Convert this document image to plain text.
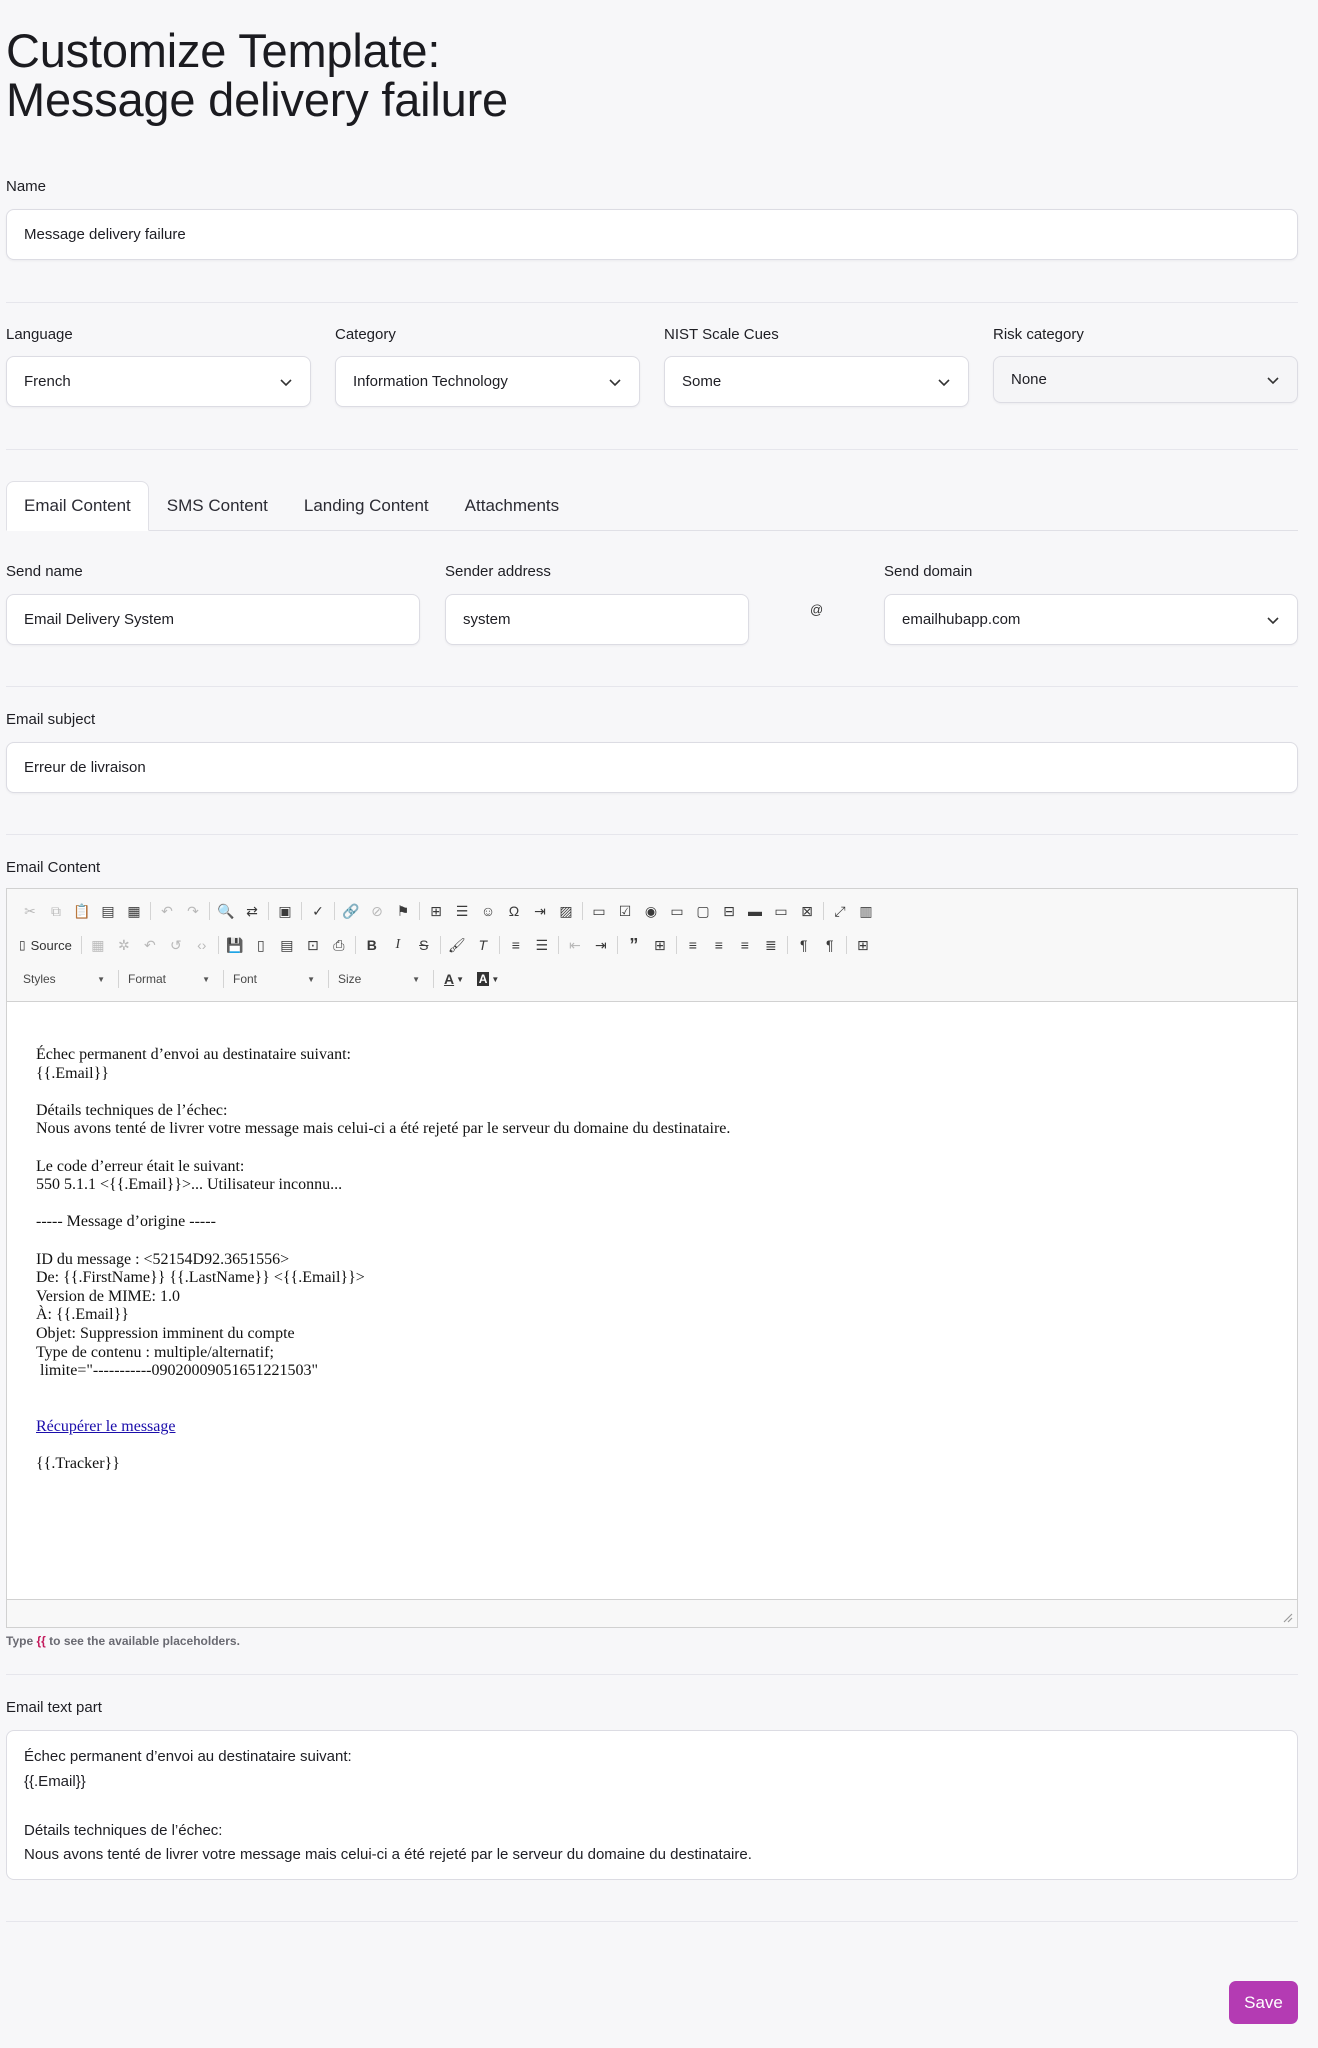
Customize Template: Message delivery failure
Name
Message delivery failure
Language
French
Category
Information Technology
NIST Scale Cues
Some
Risk category
None
Email Content	SMS Content	Landing Content	Attachments
Send name
Email Delivery System
Sender address
system
@
Send domain
emailhubapp.com
Email subject
Erreur de livraison
Email Content
✂	⧉ 📋 ▤ ▦	↶	↷	🔍 ⇄	▣	✓	🔗 ⊘ ⚑	⊞ ☰ ☺ Ω	⇥ ▨	▭ ☑ ◉ ▭ ▢ ⊟ ▬ ▭ ⊠	⤢ ▥
▯ Source	▦ ✲	↶	↺	‹›	💾 ▯	▤ ⊡	⎙	B	I	S	🖌 T	≡	☰	⇤	⇥	”	⊞	≡	≡	≡	≣	¶	¶	⊞
Styles	▼ Format	▼ Font	▼ Size	▼ A ▼ A ▼
Échec permanent d’envoi au destinataire suivant:
{{.Email}}

Détails techniques de l’échec:
Nous avons tenté de livrer votre message mais celui-ci a été rejeté par le serveur du domaine du destinataire.

Le code d’erreur était le suivant:
550 5.1.1 <{{.Email}}>... Utilisateur inconnu...

----- Message d’origine -----

ID du message : <52154D92.3651556>
De: {{.FirstName}} {{.LastName}} <{{.Email}}>
Version de MIME: 1.0
À: {{.Email}}
Objet: Suppression imminent du compte
Type de contenu : multiple/alternatif;
limite="-----------0902000905165122150​3"

Récupérer le message

{{.Tracker}}
Type {{ to see the available placeholders.
Email text part
Échec permanent d’envoi au destinataire suivant:
{{.Email}}

Détails techniques de l’échec:
Nous avons tenté de livrer votre message mais celui-ci a été rejeté par le serveur du domaine du destinataire.
Save
